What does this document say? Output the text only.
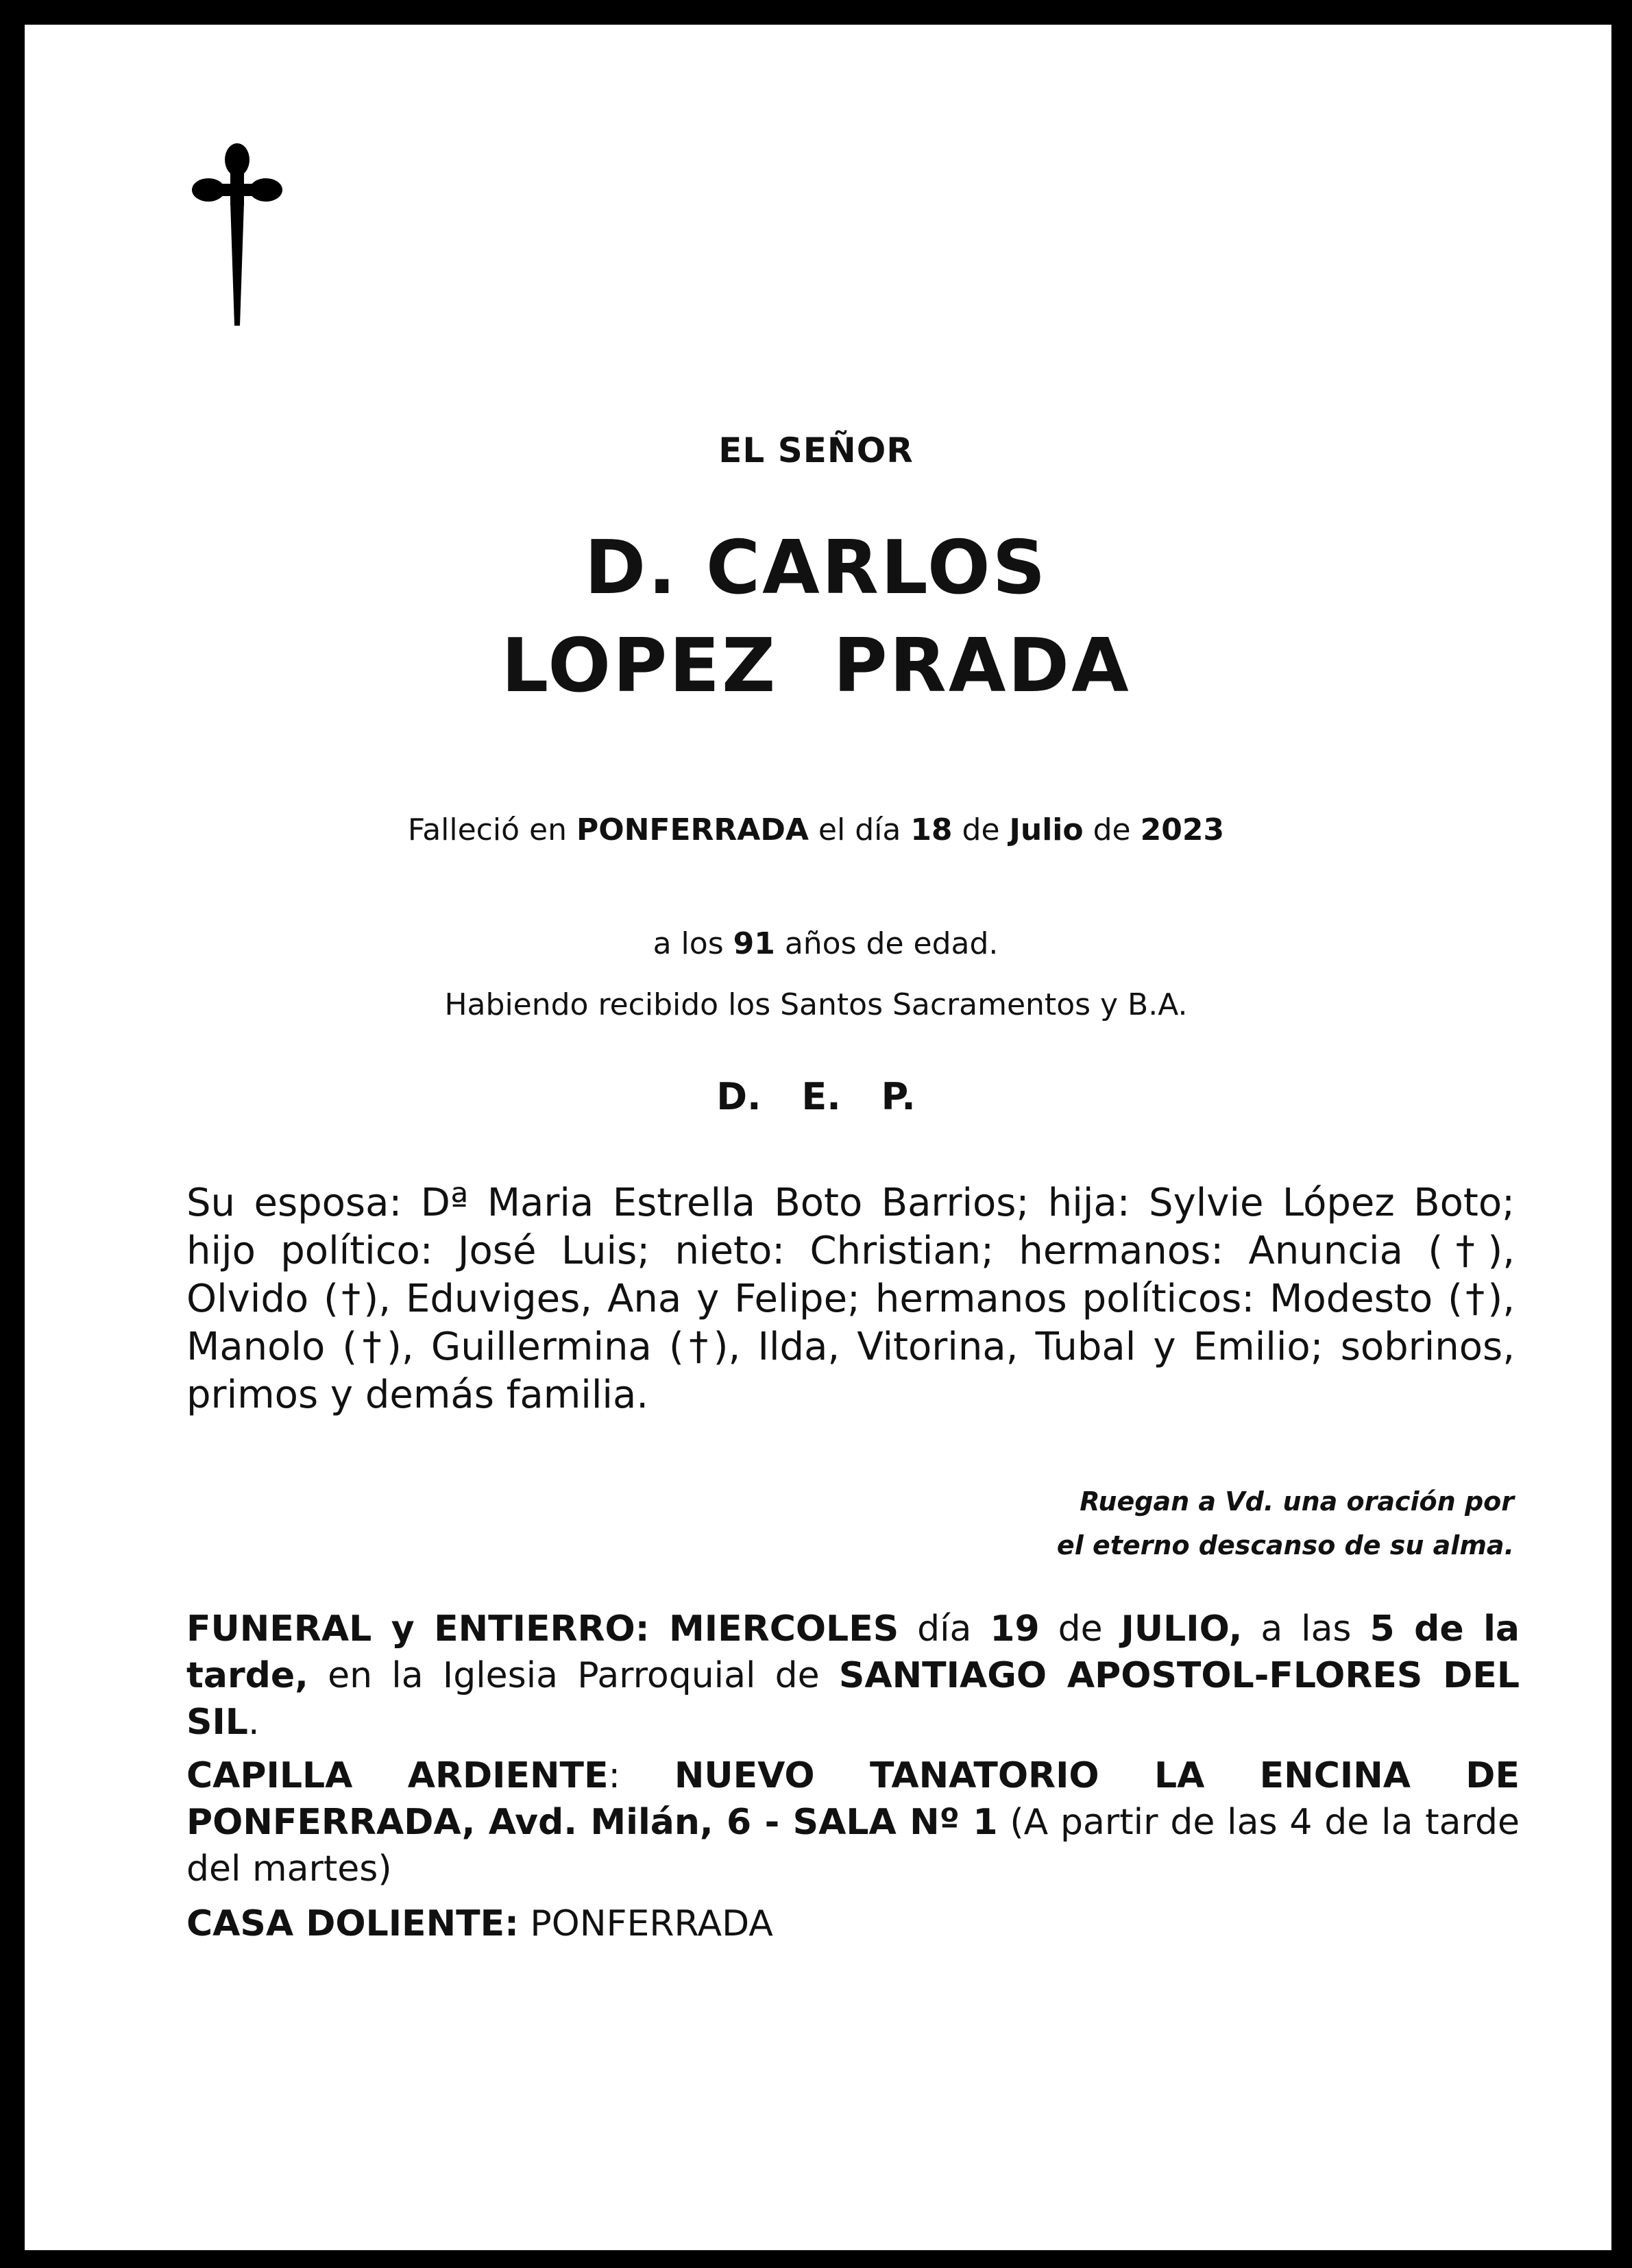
EL SEÑOR
D. CARLOS
LOPEZ  PRADA
Falleció en PONFERRADA el día 18 de Julio de 2023

a los 91 años de edad.

Habiendo recibido los Santos Sacramentos y B.A.
D. E. P.
Su esposa: Dª Maria Estrella Boto Barrios; hija: Sylvie López Boto; hijo político: José Luis; nieto: Christian; hermanos: Anuncia (†), Olvido (†), Eduviges, Ana y Felipe; hermanos políticos: Modesto (†), Manolo (†), Guillermina (†), Ilda, Vitorina, Tubal y Emilio; sobrinos, primos y demás familia.
Ruegan a Vd. una oración por
el eterno descanso de su alma.
FUNERAL y ENTIERRO: MIERCOLES día 19 de JULIO, a las 5 de la tarde, en la Iglesia Parroquial de SANTIAGO APOSTOL-FLORES DEL SIL.
CAPILLA ARDIENTE: NUEVO TANATORIO LA ENCINA DE PONFERRADA, Avd. Milán, 6 - SALA Nº 1 (A partir de las 4 de la tarde del martes)
CASA DOLIENTE: PONFERRADA
